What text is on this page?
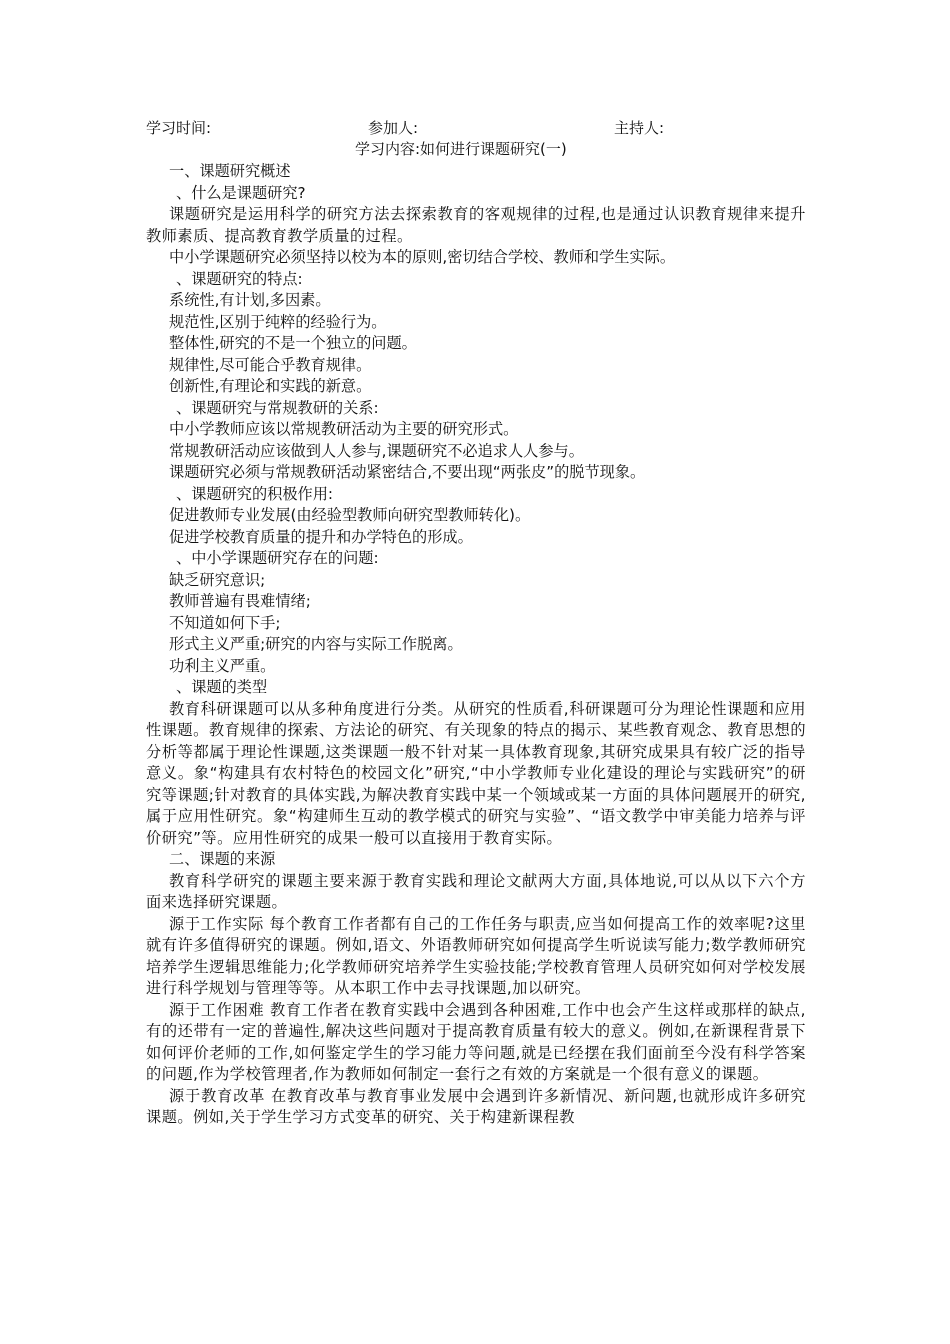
学习时间:	参加人:	主持人:
学习内容:如何进行课题研究(一)

一、课题研究概述

、什么是课题研究?

课题研究是运用科学的研究方法去探索教育的客观规律的过程,也是通过认识教育规律来提升教师素质、提高教育教学质量的过程。

中小学课题研究必须坚持以校为本的原则,密切结合学校、教师和学生实际。

、课题研究的特点:

系统性,有计划,多因素。

规范性,区别于纯粹的经验行为。

整体性,研究的不是一个独立的问题。

规律性,尽可能合乎教育规律。

创新性,有理论和实践的新意。

、课题研究与常规教研的关系:

中小学教师应该以常规教研活动为主要的研究形式。

常规教研活动应该做到人人参与,课题研究不必追求人人参与。

课题研究必须与常规教研活动紧密结合,不要出现“两张皮”的脱节现象。

、课题研究的积极作用:

促进教师专业发展(由经验型教师向研究型教师转化)。

促进学校教育质量的提升和办学特色的形成。

、中小学课题研究存在的问题:

缺乏研究意识;

教师普遍有畏难情绪;

不知道如何下手;

形式主义严重;研究的内容与实际工作脱离。

功利主义严重。

、课题的类型

教育科研课题可以从多种角度进行分类。从研究的性质看,科研课题可分为理论性课题和应用性课题。教育规律的探索、方法论的研究、有关现象的特点的揭示、某些教育观念、教育思想的分析等都属于理论性课题,这类课题一般不针对某一具体教育现象,其研究成果具有较广泛的指导意义。象“构建具有农村特色的校园文化”研究,“中小学教师专业化建设的理论与实践研究”的研究等课题;针对教育的具体实践,为解决教育实践中某一个领域或某一方面的具体问题展开的研究,属于应用性研究。象“构建师生互动的教学模式的研究与实验”、“语文教学中审美能力培养与评价研究”等。应用性研究的成果一般可以直接用于教育实际。

二、课题的来源

教育科学研究的课题主要来源于教育实践和理论文献两大方面,具体地说,可以从以下六个方面来选择研究课题。

源于工作实际 每个教育工作者都有自己的工作任务与职责,应当如何提高工作的效率呢?这里就有许多值得研究的课题。例如,语文、外语教师研究如何提高学生听说读写能力;数学教师研究培养学生逻辑思维能力;化学教师研究培养学生实验技能;学校教育管理人员研究如何对学校发展进行科学规划与管理等等。从本职工作中去寻找课题,加以研究。

源于工作困难 教育工作者在教育实践中会遇到各种困难,工作中也会产生这样或那样的缺点,有的还带有一定的普遍性,解决这些问题对于提高教育质量有较大的意义。例如,在新课程背景下如何评价老师的工作,如何鉴定学生的学习能力等问题,就是已经摆在我们面前至今没有科学答案的问题,作为学校管理者,作为教师如何制定一套行之有效的方案就是一个很有意义的课题。

源于教育改革 在教育改革与教育事业发展中会遇到许多新情况、新问题,也就形成许多研究课题。例如,关于学生学习方式变革的研究、关于构建新课程教
